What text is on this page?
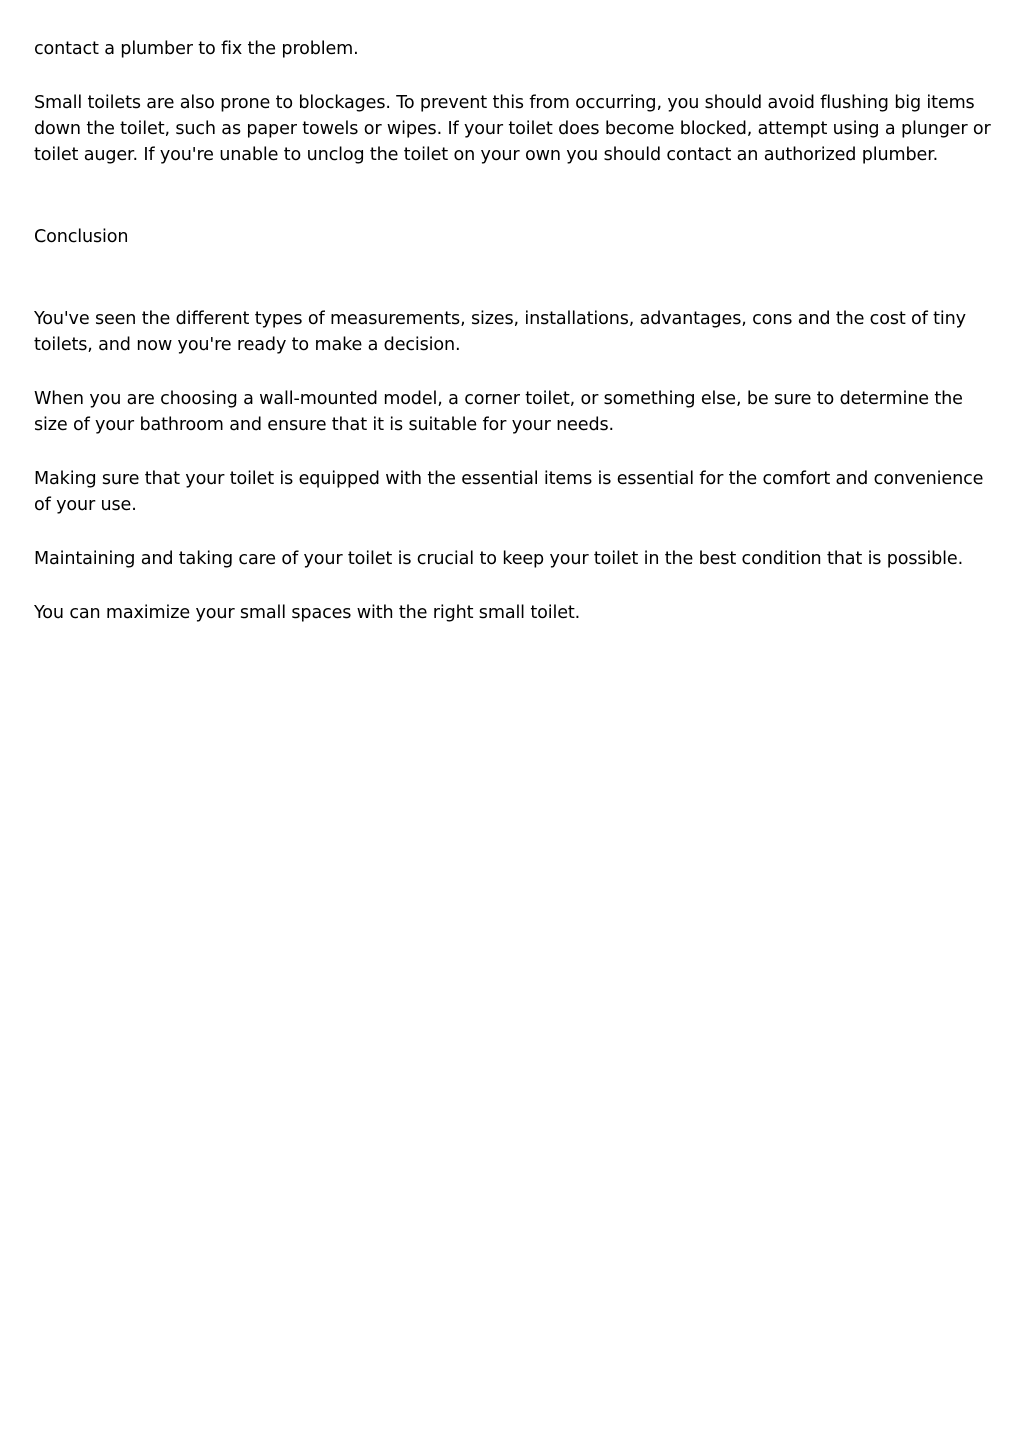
contact a plumber to fix the problem.

Small toilets are also prone to blockages. To prevent this from occurring, you should avoid flushing big items down the toilet, such as paper towels or wipes. If your toilet does become blocked, attempt using a plunger or toilet auger. If you're unable to unclog the toilet on your own you should contact an authorized plumber.

Conclusion

You've seen the different types of measurements, sizes, installations, advantages, cons and the cost of tiny toilets, and now you're ready to make a decision.

When you are choosing a wall-mounted model, a corner toilet, or something else, be sure to determine the size of your bathroom and ensure that it is suitable for your needs.

Making sure that your toilet is equipped with the essential items is essential for the comfort and convenience of your use.

Maintaining and taking care of your toilet is crucial to keep your toilet in the best condition that is possible.

You can maximize your small spaces with the right small toilet.
